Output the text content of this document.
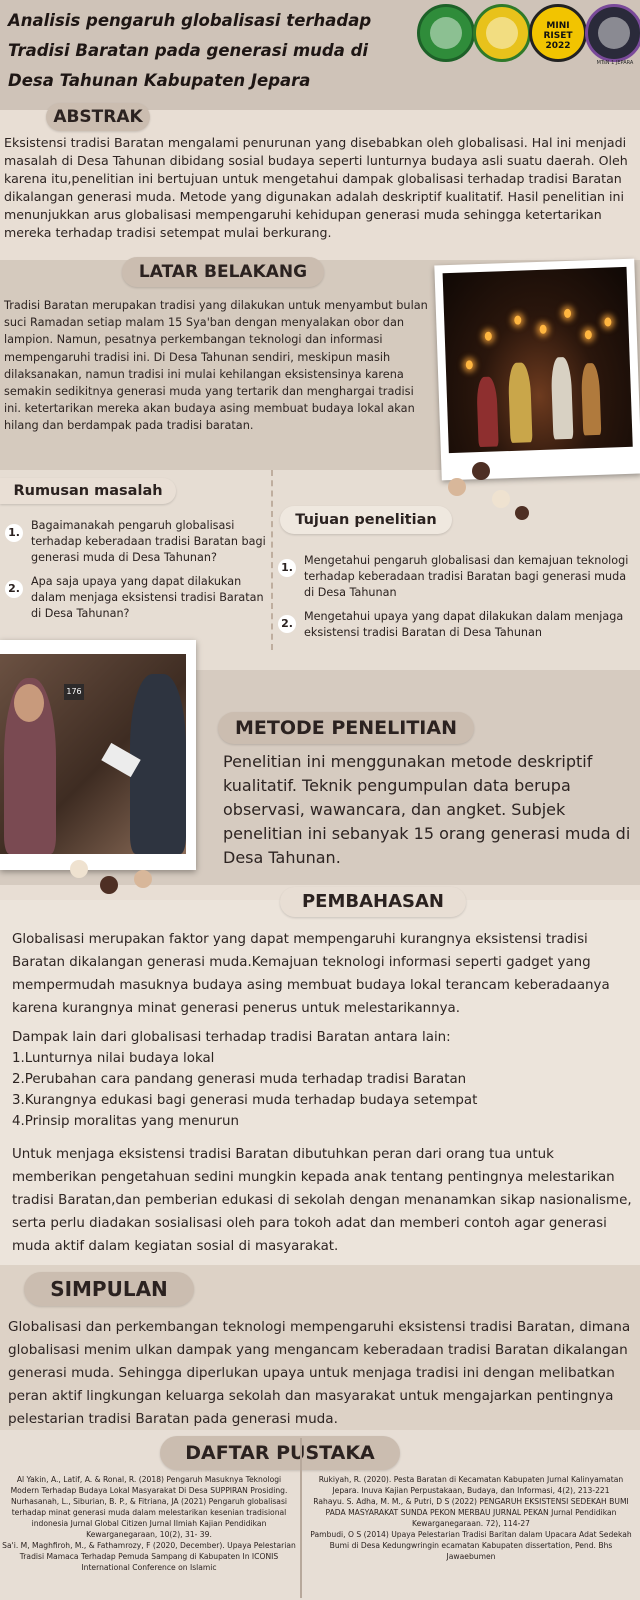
Analisis pengaruh globalisasi terhadap
Tradisi Baratan pada generasi muda di
Desa Tahunan Kabupaten Jepara
MINI RISET 2022
MTsN 1 JEPARA
ABSTRAK
Eksistensi tradisi Baratan mengalami penurunan yang disebabkan oleh globalisasi. Hal ini menjadi masalah di Desa Tahunan dibidang sosial budaya seperti lunturnya budaya asli suatu daerah. Oleh karena itu,penelitian ini bertujuan untuk mengetahui dampak globalisasi terhadap tradisi Baratan dikalangan generasi muda. Metode yang digunakan adalah deskriptif kualitatif. Hasil penelitian ini menunjukkan arus globalisasi mempengaruhi kehidupan generasi muda sehingga ketertarikan mereka terhadap tradisi setempat mulai berkurang.
LATAR BELAKANG
Tradisi Baratan merupakan tradisi yang dilakukan untuk menyambut bulan suci Ramadan setiap malam 15 Sya'ban dengan menyalakan obor dan lampion. Namun, pesatnya perkembangan teknologi dan informasi mempengaruhi tradisi ini. Di Desa Tahunan sendiri, meskipun masih dilaksanakan, namun tradisi ini mulai kehilangan eksistensinya karena semakin sedikitnya generasi muda yang tertarik dan menghargai tradisi ini. ketertarikan mereka akan budaya asing membuat budaya lokal akan hilang dan berdampak pada tradisi baratan.
Rumusan masalah
1.
Bagaimanakah pengaruh globalisasi terhadap keberadaan tradisi Baratan bagi generasi muda di Desa Tahunan?
2.
Apa saja upaya yang dapat dilakukan dalam menjaga eksistensi tradisi Baratan di Desa Tahunan?
Tujuan penelitian
1.
Mengetahui pengaruh globalisasi dan kemajuan teknologi terhadap keberadaan tradisi Baratan bagi generasi muda di Desa Tahunan
2.
Mengetahui upaya yang dapat dilakukan dalam menjaga eksistensi tradisi Baratan di Desa Tahunan
176
METODE PENELITIAN
Penelitian ini menggunakan metode deskriptif kualitatif. Teknik pengumpulan data berupa observasi, wawancara, dan angket. Subjek penelitian ini sebanyak 15 orang generasi muda di Desa Tahunan.
PEMBAHASAN
Globalisasi merupakan faktor yang dapat mempengaruhi kurangnya eksistensi tradisi Baratan dikalangan generasi muda.Kemajuan teknologi informasi seperti gadget yang mempermudah masuknya budaya asing membuat budaya lokal terancam keberadaanya karena kurangnya minat generasi penerus untuk melestarikannya.
Dampak lain dari globalisasi terhadap tradisi Baratan antara lain:
1.Lunturnya nilai budaya lokal
2.Perubahan cara pandang generasi muda terhadap tradisi Baratan
3.Kurangnya edukasi bagi generasi muda terhadap budaya setempat
4.Prinsip moralitas yang menurun
Untuk menjaga eksistensi tradisi Baratan dibutuhkan peran dari orang tua untuk memberikan pengetahuan sedini mungkin kepada anak tentang pentingnya melestarikan tradisi Baratan,dan pemberian edukasi di sekolah dengan menanamkan sikap nasionalisme, serta perlu diadakan sosialisasi oleh para tokoh adat dan memberi contoh agar generasi muda aktif dalam kegiatan sosial di masyarakat.
SIMPULAN
Globalisasi dan perkembangan teknologi mempengaruhi eksistensi tradisi Baratan, dimana globalisasi menim ulkan dampak yang mengancam keberadaan tradisi Baratan dikalangan generasi muda. Sehingga diperlukan upaya untuk menjaga tradisi ini dengan melibatkan peran aktif lingkungan keluarga sekolah dan masyarakat untuk mengajarkan pentingnya pelestarian tradisi Baratan pada generasi muda.
DAFTAR PUSTAKA

Al Yakin, A., Latif, A. & Ronal, R. (2018) Pengaruh Masuknya Teknologi Modern Terhadap Budaya Lokal Masyarakat Di Desa SUPPIRAN Prosiding.

Nurhasanah, L., Siburian, B. P., & Fitriana, JA (2021) Pengaruh globalisasi terhadap minat generasi muda dalam melestarikan kesenian tradisional indonesia Jurnal Global Citizen Jurnal Ilmiah Kajian Pendidikan Kewarganegaraan, 10(2), 31- 39.

Sa'i. M, Maghfiroh, M., & Fathamrozy, F (2020, December). Upaya Pelestarian Tradisi Mamaca Terhadap Pemuda Sampang di Kabupaten In ICONIS International Conference on Islamic

Rukiyah, R. (2020). Pesta Baratan di Kecamatan Kabupaten Jurnal Kalinyamatan Jepara. Inuva Kajian Perpustakaan, Budaya, dan Informasi, 4(2), 213-221

Rahayu. S. Adha, M. M., & Putri, D S (2022) PENGARUH EKSISTENSI SEDEKAH BUMI PADA MASYARAKAT SUNDA PEKON MERBAU JURNAL PEKAN Jurnal Pendidikan Kewarganegaraan. 72), 114-27

Pambudi, O S (2014) Upaya Pelestarian Tradisi Baritan dalam Upacara Adat Sedekah Bumi di Desa Kedungwringin ecamatan Kabupaten dissertation, Pend. Bhs Jawaebumen
